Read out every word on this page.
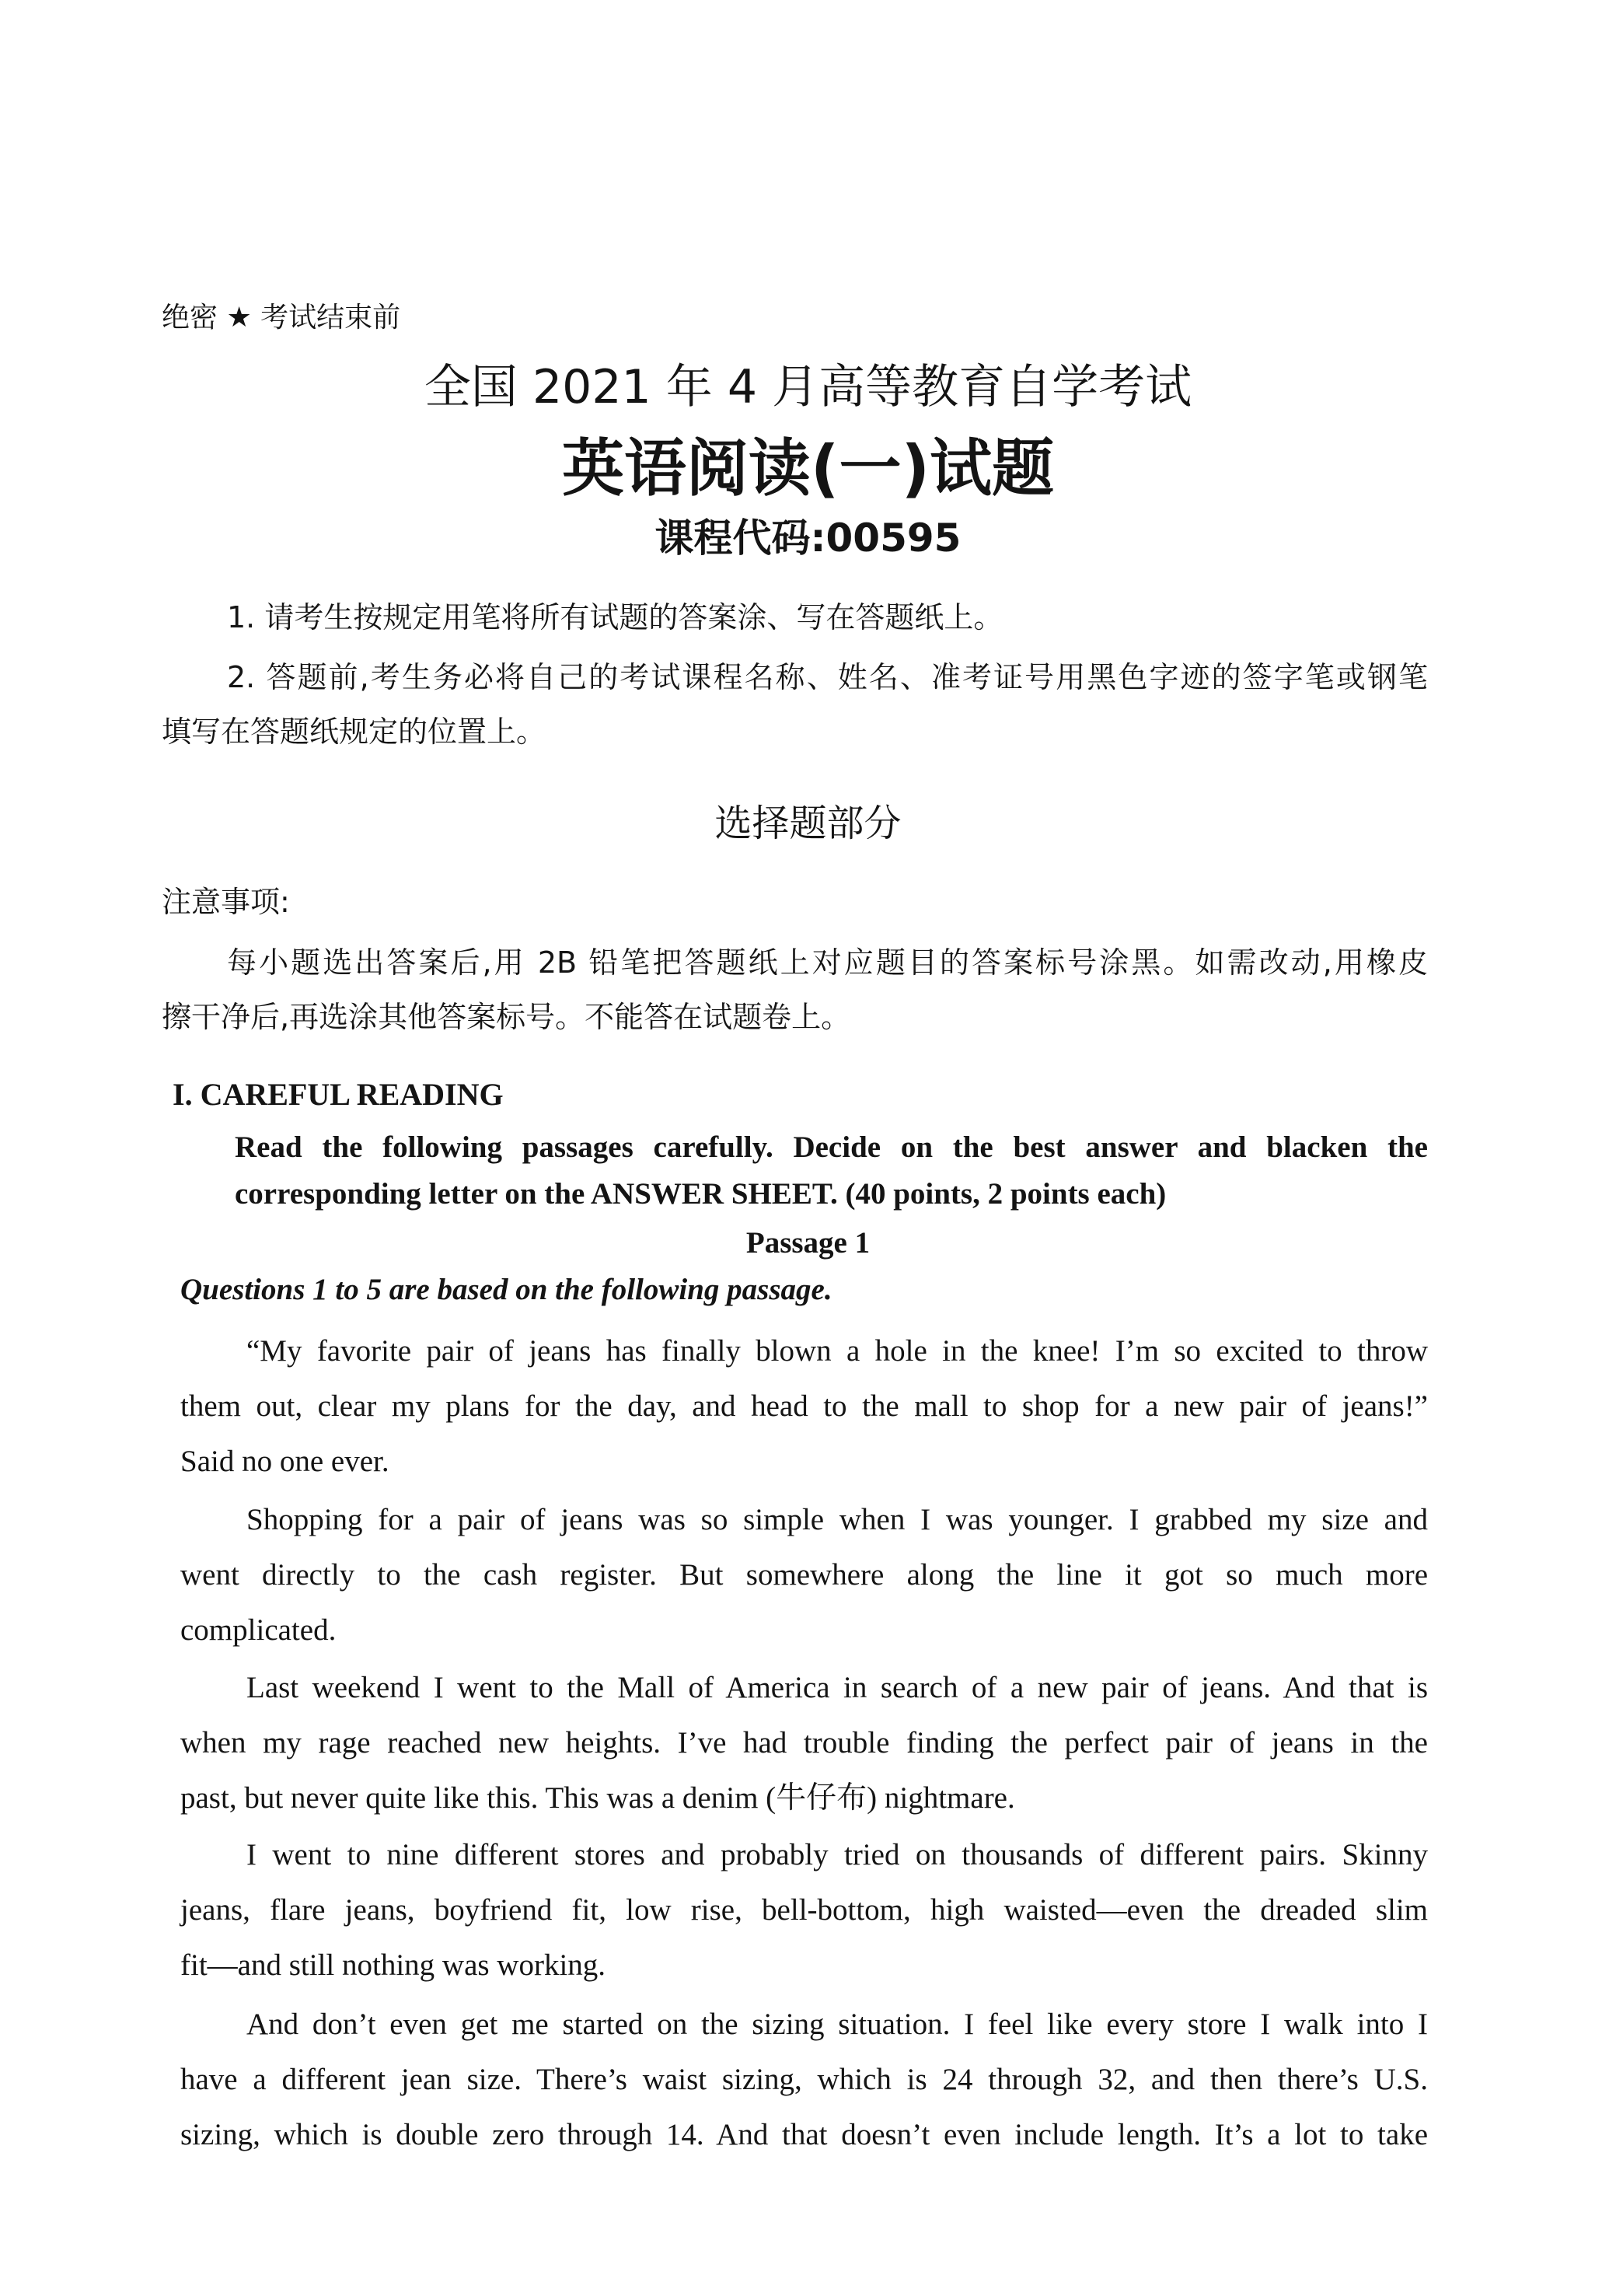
绝密 ★ 考试结束前
全国 2021 年 4 月高等教育自学考试
英语阅读(一)试题
课程代码:00595
1. 请考生按规定用笔将所有试题的答案涂、写在答题纸上。
2. 答题前,考生务必将自己的考试课程名称、姓名、准考证号用黑色字迹的签字笔或钢笔
填写在答题纸规定的位置上。
选择题部分
注意事项:
每小题选出答案后,用 2B 铅笔把答题纸上对应题目的答案标号涂黑。如需改动,用橡皮
擦干净后,再选涂其他答案标号。不能答在试题卷上。
I. CAREFUL READING
Read the following passages carefully. Decide on the best answer and blacken the
corresponding letter on the ANSWER SHEET. (40 points, 2 points each)
Passage 1
Questions 1 to 5 are based on the following passage.
“My favorite pair of jeans has finally blown a hole in the knee! I’m so excited to throw
them out, clear my plans for the day, and head to the mall to shop for a new pair of jeans!”
Said no one ever.
Shopping for a pair of jeans was so simple when I was younger. I grabbed my size and
went directly to the cash register. But somewhere along the line it got so much more
complicated.
Last weekend I went to the Mall of America in search of a new pair of jeans. And that is
when my rage reached new heights. I’ve had trouble finding the perfect pair of jeans in the
past, but never quite like this. This was a denim (牛仔布) nightmare.
I went to nine different stores and probably tried on thousands of different pairs. Skinny
jeans, flare jeans, boyfriend fit, low rise, bell-bottom, high waisted—even the dreaded slim
fit—and still nothing was working.
And don’t even get me started on the sizing situation. I feel like every store I walk into I
have a different jean size. There’s waist sizing, which is 24 through 32, and then there’s U.S.
sizing, which is double zero through 14. And that doesn’t even include length. It’s a lot to take
